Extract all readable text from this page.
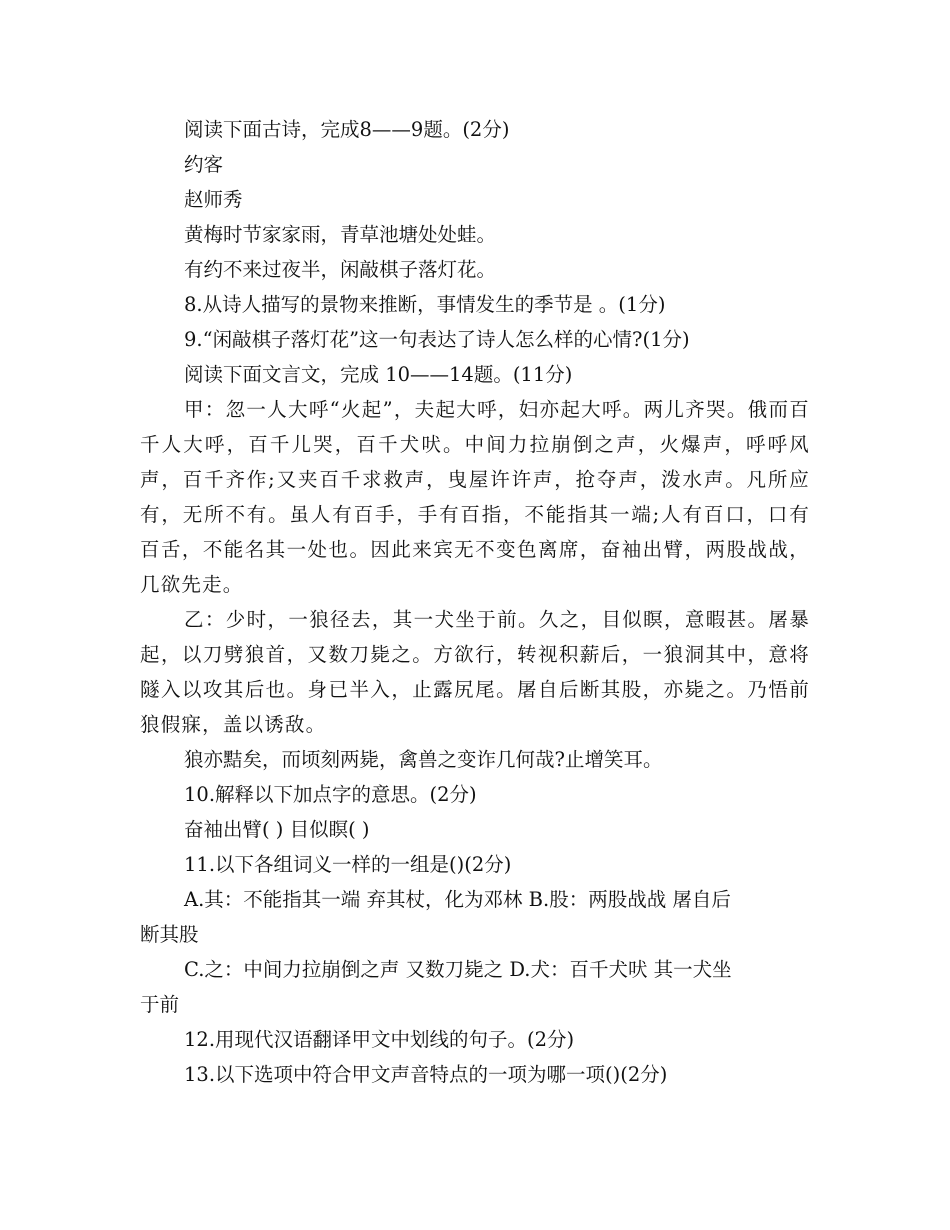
阅读下面古诗，完成8——9题。(2分)
约客
赵师秀
黄梅时节家家雨，青草池塘处处蛙。
有约不来过夜半，闲敲棋子落灯花。
8.从诗人描写的景物来推断，事情发生的季节是 。(1分)
9.“闲敲棋子落灯花”这一句表达了诗人怎么样的心情?(1分)
阅读下面文言文，完成 10——14题。(11分)
甲：忽一人大呼“火起”，夫起大呼，妇亦起大呼。两儿齐哭。俄而百千人大呼，百千儿哭，百千犬吠。中间力拉崩倒之声，火爆声，呼呼风声，百千齐作;又夹百千求救声，曳屋许许声，抢夺声，泼水声。凡所应有，无所不有。虽人有百手，手有百指，不能指其一端;人有百口，口有百舌，不能名其一处也。因此来宾无不变色离席，奋袖出臂，两股战战，几欲先走。
乙：少时，一狼径去，其一犬坐于前。久之，目似瞑，意暇甚。屠暴起，以刀劈狼首，又数刀毙之。方欲行，转视积薪后，一狼洞其中，意将隧入以攻其后也。身已半入，止露尻尾。屠自后断其股，亦毙之。乃悟前狼假寐，盖以诱敌。
狼亦黠矣，而顷刻两毙，禽兽之变诈几何哉?止增笑耳。
10.解释以下加点字的意思。(2分)
奋袖出臂( ) 目似瞑( )
11.以下各组词义一样的一组是()(2分)
A.其：不能指其一端 弃其杖，化为邓林 B.股：两股战战 屠自后
断其股
C.之：中间力拉崩倒之声 又数刀毙之 D.犬：百千犬吠 其一犬坐
于前
12.用现代汉语翻译甲文中划线的句子。(2分)
13.以下选项中符合甲文声音特点的一项为哪一项()(2分)
